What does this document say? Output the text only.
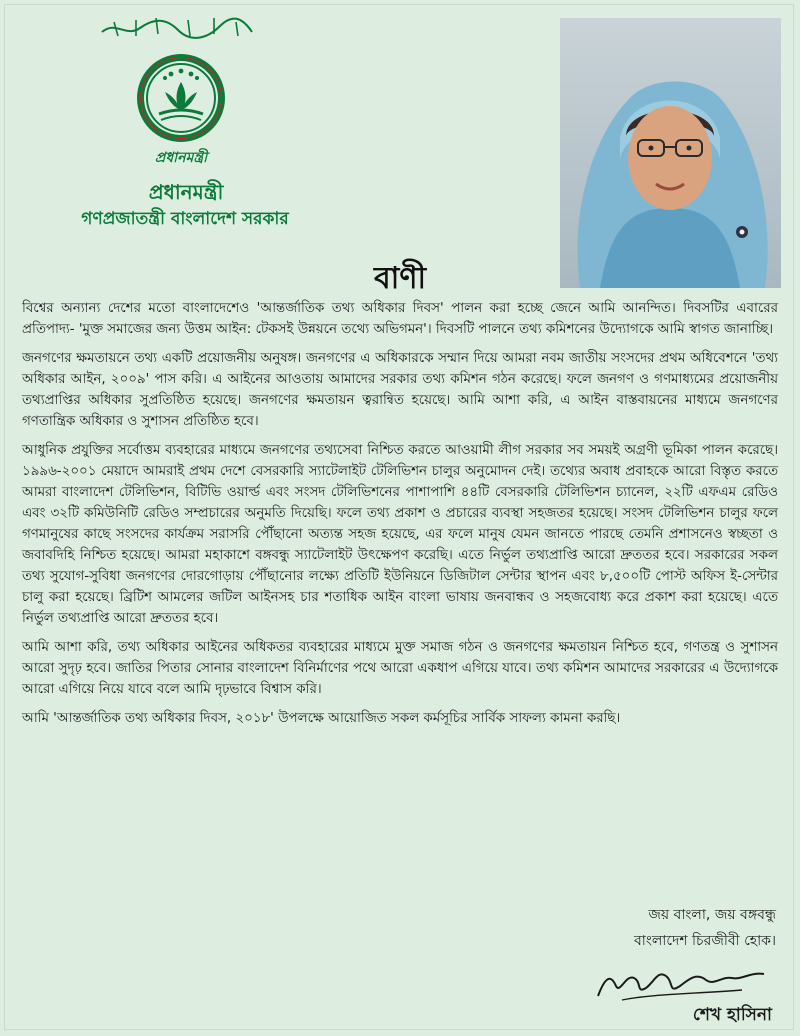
প্রধানমন্ত্রী
প্রধানমন্ত্রী
গণপ্রজাতন্ত্রী বাংলাদেশ সরকার
বাণী

বিশ্বের অন্যান্য দেশের মতো বাংলাদেশেও 'আন্তর্জাতিক তথ্য অধিকার দিবস' পালন করা হচ্ছে জেনে আমি আনন্দিত। দিবসটির এবারের প্রতিপাদ্য- 'মুক্ত সমাজের জন্য উত্তম আইন: টেকসই উন্নয়নে তথ্যে অভিগমন'। দিবসটি পালনে তথ্য কমিশনের উদ্যোগকে আমি স্বাগত জানাচ্ছি।

জনগণের ক্ষমতায়নে তথ্য একটি প্রয়োজনীয় অনুষঙ্গ। জনগণের এ অধিকারকে সম্মান দিয়ে আমরা নবম জাতীয় সংসদের প্রথম অধিবেশনে 'তথ্য অধিকার আইন, ২০০৯' পাস করি। এ আইনের আওতায় আমাদের সরকার তথ্য কমিশন গঠন করেছে। ফলে জনগণ ও গণমাধ্যমের প্রয়োজনীয় তথ্যপ্রাপ্তির অধিকার সুপ্রতিষ্ঠিত হয়েছে। জনগণের ক্ষমতায়ন ত্বরান্বিত হয়েছে। আমি আশা করি, এ আইন বাস্তবায়নের মাধ্যমে জনগণের গণতান্ত্রিক অধিকার ও সুশাসন প্রতিষ্ঠিত হবে।

আধুনিক প্রযুক্তির সর্বোত্তম ব্যবহারের মাধ্যমে জনগণের তথ্যসেবা নিশ্চিত করতে আওয়ামী লীগ সরকার সব সময়ই অগ্রণী ভূমিকা পালন করেছে। ১৯৯৬-২০০১ মেয়াদে আমরাই প্রথম দেশে বেসরকারি স্যাটেলাইট টেলিভিশন চালুর অনুমোদন দেই। তথ্যের অবাধ প্রবাহকে আরো বিস্তৃত করতে আমরা বাংলাদেশ টেলিভিশন, বিটিভি ওয়ার্ল্ড এবং সংসদ টেলিভিশনের পাশাপাশি ৪৪টি বেসরকারি টেলিভিশন চ্যানেল, ২২টি এফএম রেডিও এবং ৩২টি কমিউনিটি রেডিও সম্প্রচারের অনুমতি দিয়েছি। ফলে তথ্য প্রকাশ ও প্রচারের ব্যবস্থা সহজতর হয়েছে। সংসদ টেলিভিশন চালুর ফলে গণমানুষের কাছে সংসদের কার্যক্রম সরাসরি পৌঁছানো অত্যন্ত সহজ হয়েছে, এর ফলে মানুষ যেমন জানতে পারছে তেমনি প্রশাসনেও স্বচ্ছতা ও জবাবদিহি নিশ্চিত হয়েছে। আমরা মহাকাশে বঙ্গবন্ধু স্যাটেলাইট উৎক্ষেপণ করেছি। এতে নির্ভুল তথ্যপ্রাপ্তি আরো দ্রুততর হবে। সরকারের সকল তথ্য সুযোগ-সুবিধা জনগণের দোরগোড়ায় পৌঁছানোর লক্ষ্যে প্রতিটি ইউনিয়নে ডিজিটাল সেন্টার স্থাপন এবং ৮,৫০০টি পোস্ট অফিস ই-সেন্টার চালু করা হয়েছে। ব্রিটিশ আমলের জটিল আইনসহ চার শতাধিক আইন বাংলা ভাষায় জনবান্ধব ও সহজবোধ্য করে প্রকাশ করা হয়েছে। এতে নির্ভুল তথ্যপ্রাপ্তি আরো দ্রুততর হবে।

আমি আশা করি, তথ্য অধিকার আইনের অধিকতর ব্যবহারের মাধ্যমে মুক্ত সমাজ গঠন ও জনগণের ক্ষমতায়ন নিশ্চিত হবে, গণতন্ত্র ও সুশাসন আরো সুদৃঢ় হবে। জাতির পিতার সোনার বাংলাদেশ বিনির্মাণের পথে আরো একধাপ এগিয়ে যাবে। তথ্য কমিশন আমাদের সরকারের এ উদ্যোগকে আরো এগিয়ে নিয়ে যাবে বলে আমি দৃঢ়ভাবে বিশ্বাস করি।

আমি 'আন্তর্জাতিক তথ্য অধিকার দিবস, ২০১৮' উপলক্ষে আয়োজিত সকল কর্মসূচির সার্বিক সাফল্য কামনা করছি।

জয় বাংলা, জয় বঙ্গবন্ধু
বাংলাদেশ চিরজীবী হোক।
শেখ হাসিনা
